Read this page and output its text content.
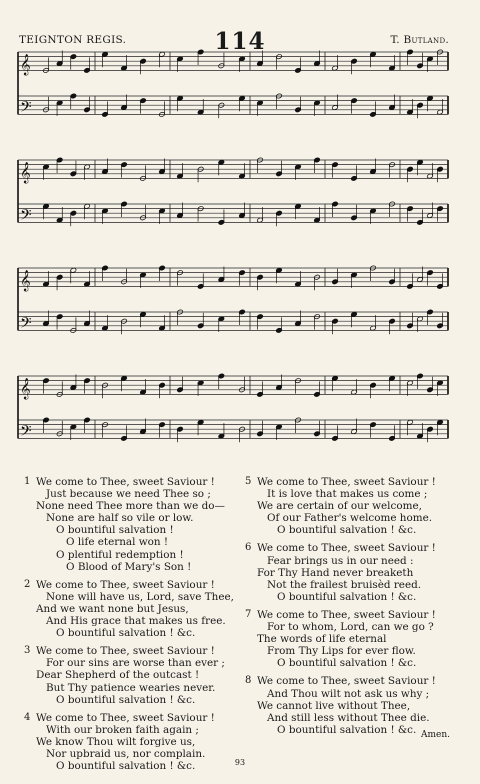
TEIGNTON REGIS.	114	T. Butland.
𝄞
𝄢
𝄞
𝄢
𝄞
𝄢
𝄞
𝄢
1 We come to Thee, sweet Saviour !
Just because we need Thee so ;
None need Thee more than we do—
None are half so vile or low.
O bountiful salvation !
O life eternal won !
O plentiful redemption !
O Blood of Mary's Son !
2 We come to Thee, sweet Saviour !
None will have us, Lord, save Thee,
And we want none but Jesus,
And His grace that makes us free.
O bountiful salvation ! &c.
3 We come to Thee, sweet Saviour !
For our sins are worse than ever ;
Dear Shepherd of the outcast !
But Thy patience wearies never.
O bountiful salvation ! &c.
4 We come to Thee, sweet Saviour !
With our broken faith again ;
We know Thou wilt forgive us,
Nor upbraid us, nor complain.
O bountiful salvation ! &c.
5 We come to Thee, sweet Saviour !
It is love that makes us come ;
We are certain of our welcome,
Of our Father's welcome home.
O bountiful salvation ! &c.
6 We come to Thee, sweet Saviour !
Fear brings us in our need :
For Thy Hand never breaketh
Not the frailest bruisèd reed.
O bountiful salvation ! &c.
7 We come to Thee, sweet Saviour !
For to whom, Lord, can we go ?
The words of life eternal
From Thy Lips for ever flow.
O bountiful salvation ! &c.
8 We come to Thee, sweet Saviour !
And Thou wilt not ask us why ;
We cannot live without Thee,
And still less without Thee die.
O bountiful salvation ! &c. Amen.
93
